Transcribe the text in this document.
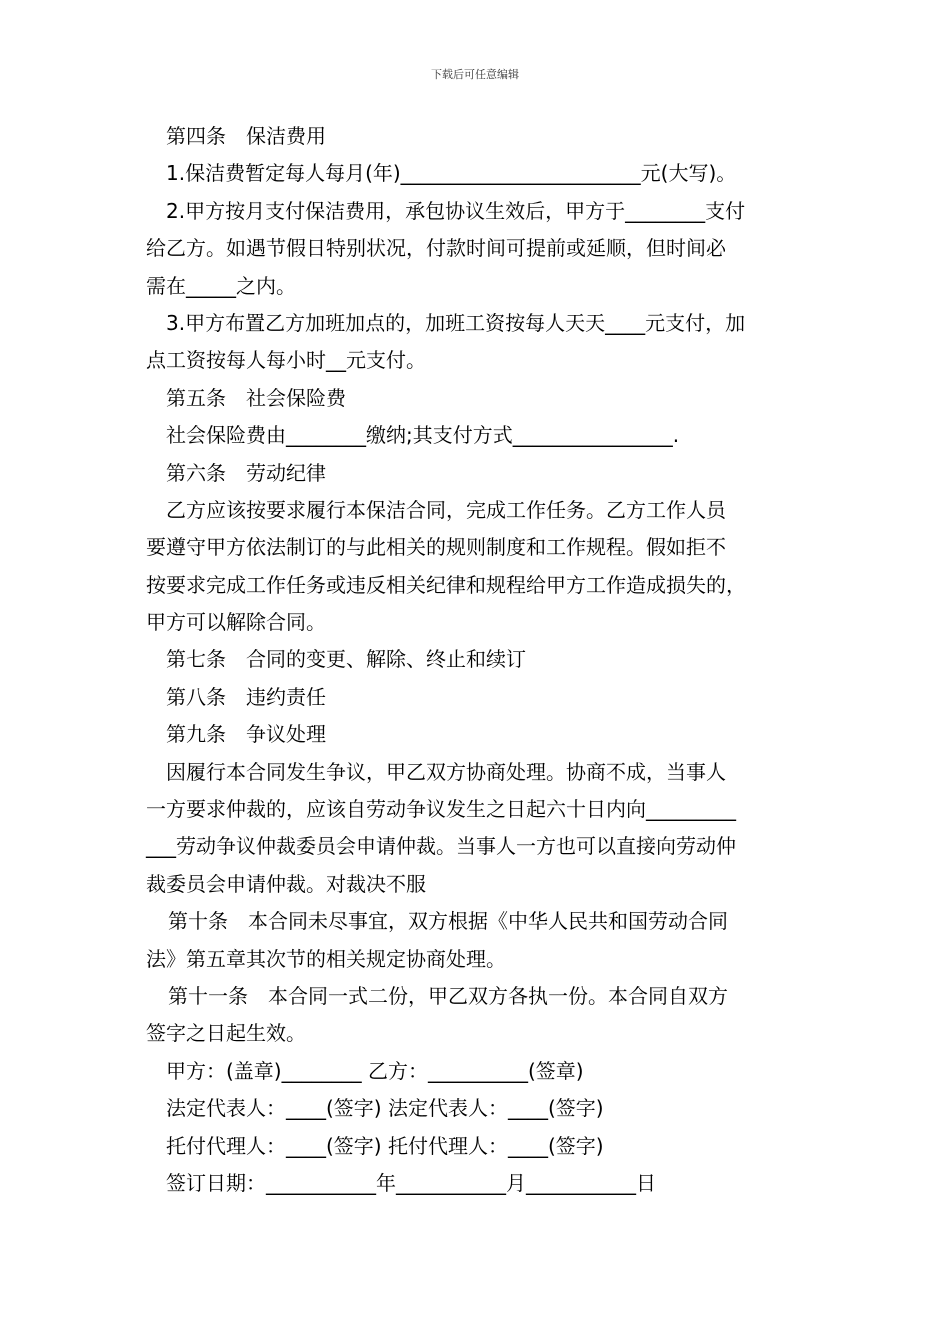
下载后可任意编辑
第四条　保洁费用
1.保洁费暂定每人每月(年)________________________元(大写)。
2.甲方按月支付保洁费用，承包协议生效后，甲方于________支付
给乙方。如遇节假日特别状况，付款时间可提前或延顺，但时间必
需在_____之内。
3.甲方布置乙方加班加点的，加班工资按每人天天____元支付，加
点工资按每人每小时__元支付。
第五条　社会保险费
社会保险费由________缴纳;其支付方式________________.
第六条　劳动纪律
乙方应该按要求履行本保洁合同，完成工作任务。乙方工作人员
要遵守甲方依法制订的与此相关的规则制度和工作规程。假如拒不
按要求完成工作任务或违反相关纪律和规程给甲方工作造成损失的，
甲方可以解除合同。
第七条　合同的变更、解除、终止和续订
第八条　违约责任
第九条　争议处理
因履行本合同发生争议，甲乙双方协商处理。协商不成，当事人
一方要求仲裁的，应该自劳动争议发生之日起六十日内向_________
___劳动争议仲裁委员会申请仲裁。当事人一方也可以直接向劳动仲
裁委员会申请仲裁。对裁决不服
第十条　本合同未尽事宜，双方根据《中华人民共和国劳动合同
法》第五章其次节的相关规定协商处理。
第十一条　本合同一式二份，甲乙双方各执一份。本合同自双方
签字之日起生效。
甲方：(盖章)________ 乙方：__________(签章)
法定代表人：____(签字) 法定代表人：____(签字)
托付代理人：____(签字) 托付代理人：____(签字)
签订日期：___________年___________月___________日
